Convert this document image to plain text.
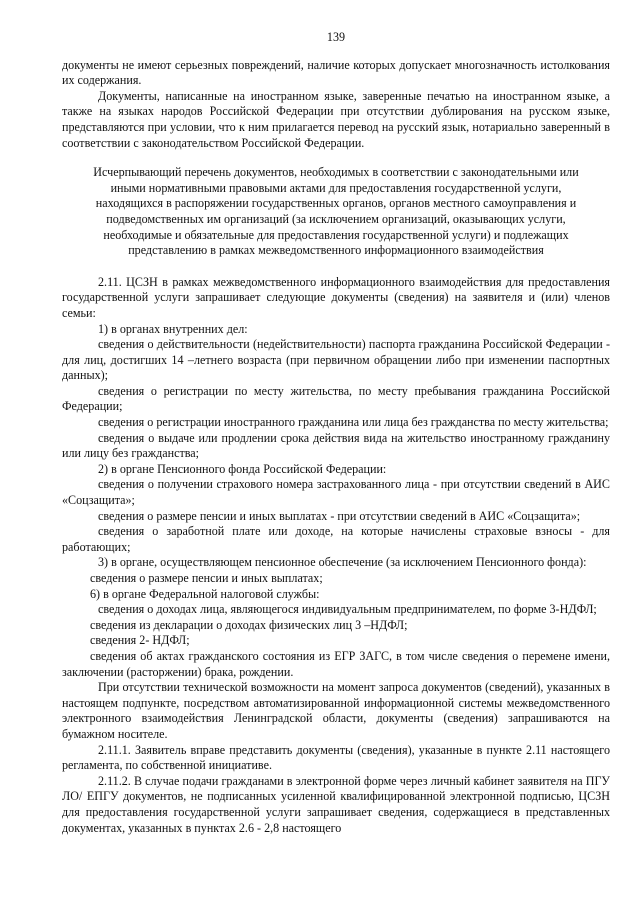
139

документы не имеют серьезных повреждений, наличие которых допускает многозначность истолкования их содержания.

Документы, написанные на иностранном языке, заверенные печатью на иностранном языке, а также на языках народов Российской Федерации при отсутствии дублирования на русском языке, представляются при условии, что к ним прилагается перевод на русский язык, нотариально заверенный в соответствии с законодательством Российской Федерации.

Исчерпывающий перечень документов, необходимых в соответствии с законодательными или иными нормативными правовыми актами для предоставления государственной услуги, находящихся в распоряжении государственных органов, органов местного самоуправления и подведомственных им организаций (за исключением организаций, оказывающих услуги, необходимые и обязательные для предоставления государственной услуги) и подлежащих представлению в рамках межведомственного информационного взаимодействия

2.11. ЦСЗН в рамках межведомственного информационного взаимодействия для предоставления государственной услуги запрашивает следующие документы (сведения) на заявителя и (или) членов семьи:

1) в органах внутренних дел:

сведения о действительности (недействительности) паспорта гражданина Российской Федерации - для лиц, достигших 14 –летнего возраста (при первичном обращении либо при изменении паспортных данных);

сведения о регистрации по месту жительства, по месту пребывания гражданина Российской Федерации;

сведения о регистрации иностранного гражданина или лица без гражданства по месту жительства;

сведения о выдаче или продлении срока действия вида на жительство иностранному гражданину или лицу без гражданства;

2) в органе Пенсионного фонда Российской Федерации:

сведения о получении страхового номера застрахованного лица - при отсутствии сведений в АИС «Соцзащита»;

сведения о размере пенсии и иных выплатах - при отсутствии сведений в АИС «Соцзащита»;

сведения о заработной плате или доходе, на которые начислены страховые взносы - для работающих;

3) в органе, осуществляющем пенсионное обеспечение (за исключением Пенсионного фонда):

сведения о размере пенсии и иных выплатах;

6) в органе Федеральной налоговой службы:

сведения о доходах лица, являющегося индивидуальным предпринимателем, по форме 3-НДФЛ;

сведения из декларации о доходах физических лиц 3 –НДФЛ;

сведения 2- НДФЛ;

сведения об актах гражданского состояния из ЕГР ЗАГС, в том числе сведения о перемене имени, заключении (расторжении) брака, рождении.

При отсутствии технической возможности на момент запроса документов (сведений), указанных в настоящем подпункте, посредством автоматизированной информационной системы межведомственного электронного взаимодействия Ленинградской области, документы (сведения) запрашиваются на бумажном носителе.

2.11.1. Заявитель вправе представить документы (сведения), указанные в пункте 2.11 настоящего регламента, по собственной инициативе.

2.11.2. В случае подачи гражданами в электронной форме через личный кабинет заявителя на ПГУ ЛО/ ЕПГУ документов, не подписанных усиленной квалифицированной электронной подписью, ЦСЗН для предоставления государственной услуги запрашивает сведения, содержащиеся в представленных документах, указанных в пунктах 2.6 - 2,8 настоящего
